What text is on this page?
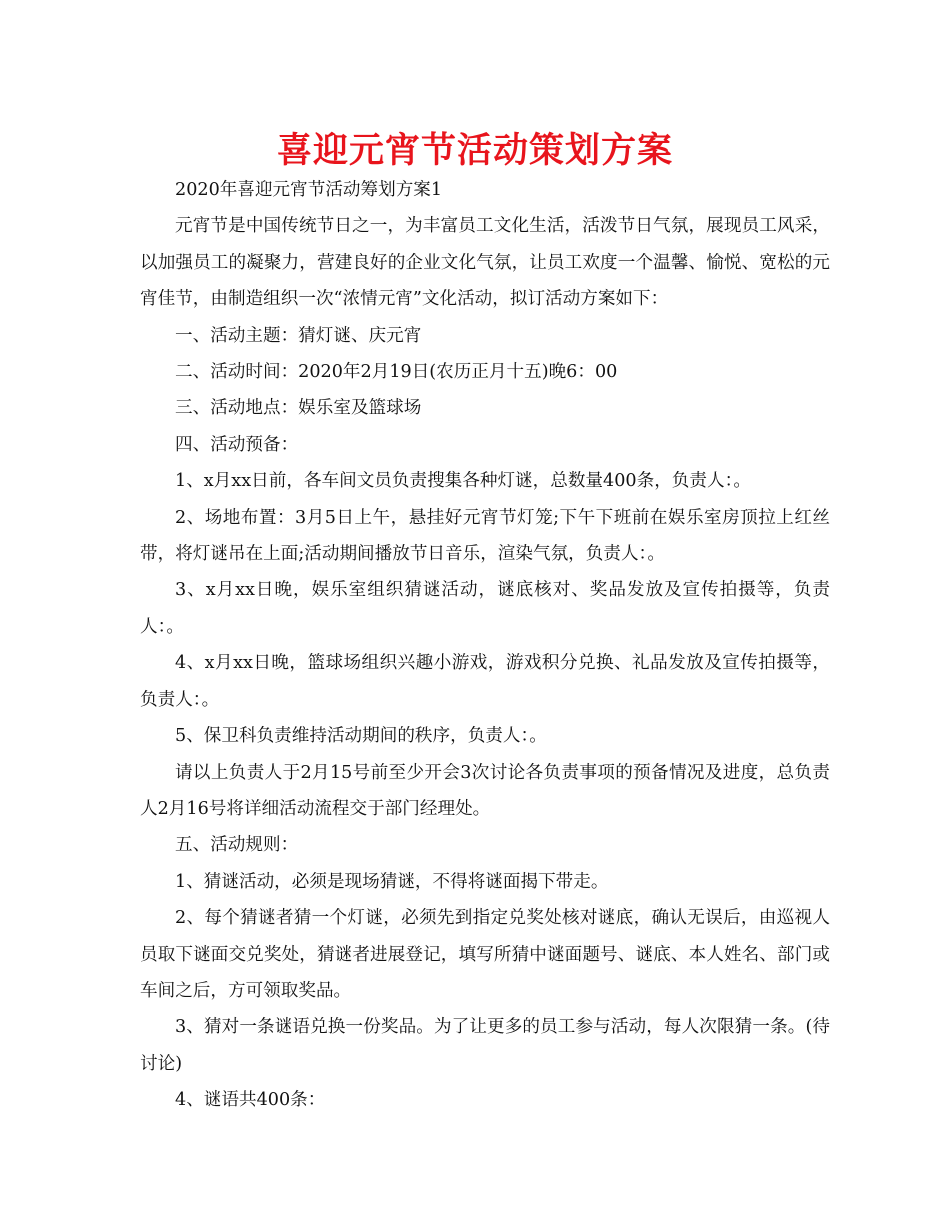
喜迎元宵节活动策划方案

2020年喜迎元宵节活动筹划方案1

元宵节是中国传统节日之一，为丰富员工文化生活，活泼节日气氛，展现员工风采，以加强员工的凝聚力，营建良好的企业文化气氛，让员工欢度一个温馨、愉悦、宽松的元宵佳节，由制造组织一次“浓情元宵”文化活动，拟订活动方案如下：

一、活动主题：猜灯谜、庆元宵

二、活动时间：2020年2月19日(农历正月十五)晚6：00

三、活动地点：娱乐室及篮球场

四、活动预备：

1、x月xx日前，各车间文员负责搜集各种灯谜，总数量400条，负责人：。

2、场地布置：3月5日上午，悬挂好元宵节灯笼;下午下班前在娱乐室房顶拉上红丝带，将灯谜吊在上面;活动期间播放节日音乐，渲染气氛，负责人：。

3、x月xx日晚，娱乐室组织猜谜活动，谜底核对、奖品发放及宣传拍摄等，负责人：。

4、x月xx日晚，篮球场组织兴趣小游戏，游戏积分兑换、礼品发放及宣传拍摄等，负责人：。

5、保卫科负责维持活动期间的秩序，负责人：。

请以上负责人于2月15号前至少开会3次讨论各负责事项的预备情况及进度，总负责人2月16号将详细活动流程交于部门经理处。

五、活动规则：

1、猜谜活动，必须是现场猜谜，不得将谜面揭下带走。

2、每个猜谜者猜一个灯谜，必须先到指定兑奖处核对谜底，确认无误后，由巡视人员取下谜面交兑奖处，猜谜者进展登记，填写所猜中谜面题号、谜底、本人姓名、部门或车间之后，方可领取奖品。

3、猜对一条谜语兑换一份奖品。为了让更多的员工参与活动，每人次限猜一条。(待讨论)

4、谜语共400条：
